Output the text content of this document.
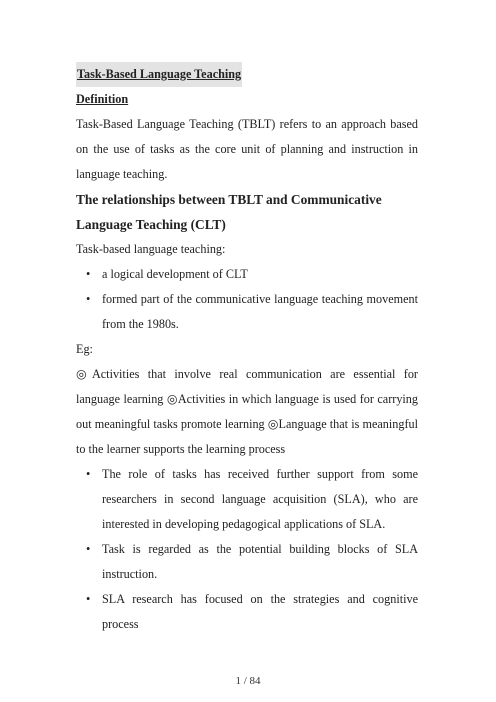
Task-Based Language Teaching

Definition

Task-Based Language Teaching (TBLT) refers to an approach based on the use of tasks as the core unit of planning and instruction in language teaching.

The relationships between TBLT and Communicative Language Teaching (CLT)

Task-based language teaching:

• a logical development of CLT
• formed part of the communicative language teaching movement from the 1980s.

Eg:

◎Activities that involve real communication are essential for language learning ◎Activities in which language is used for carrying out meaningful tasks promote learning ◎Language that is meaningful to the learner supports the learning process

• The role of tasks has received further support from some researchers in second language acquisition (SLA), who are interested in developing pedagogical applications of SLA.
• Task is regarded as the potential building blocks of SLA instruction.
• SLA research has focused on the strategies and cognitive process
1 / 84
